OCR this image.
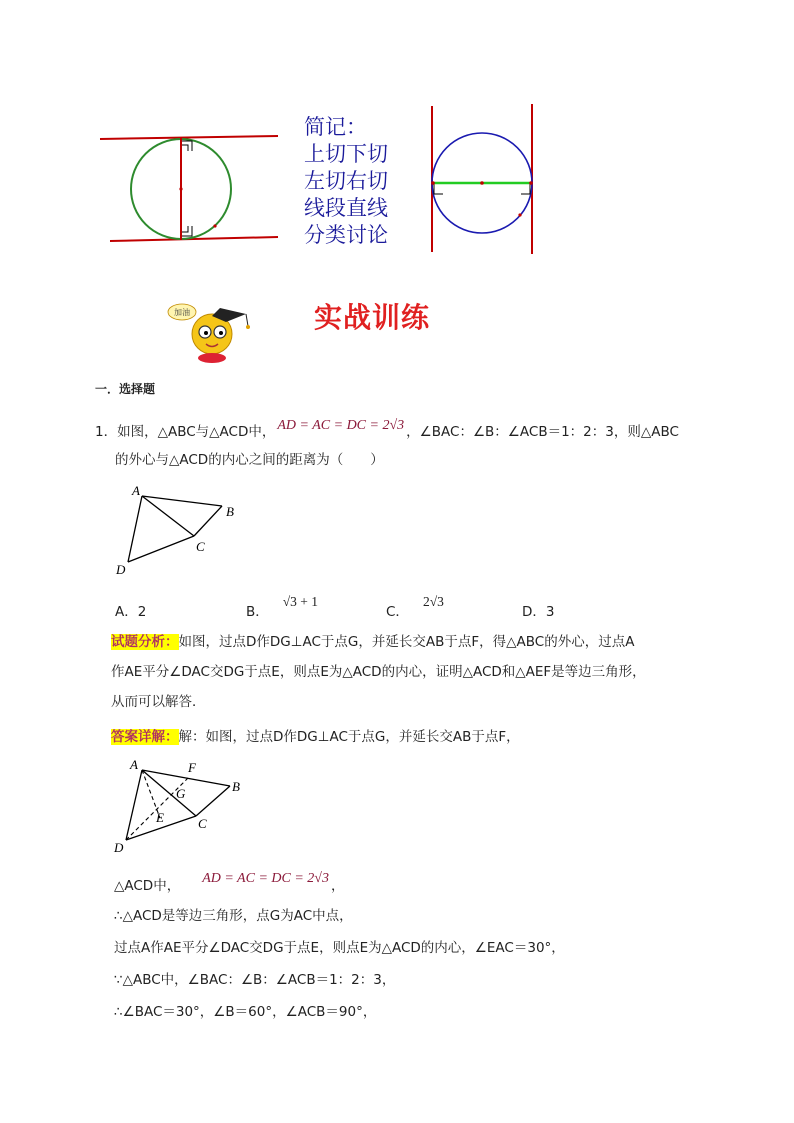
简记：
上切下切
左切右切
线段直线
分类讨论
加油	实战训练
一．选择题
1．如图，△ABC与△ACD中， AD = AC = DC = 2√3 ，∠BAC：∠B：∠ACB＝1：2：3，则△ABC
的外心与△ACD的内心之间的距离为（　　）
A
B
C
D
A．2	B．√3 + 1
C．2√3
D．3
试题分析：如图，过点D作DG⊥AC于点G，并延长交AB于点F，得△ABC的外心，过点A
作AE平分∠DAC交DG于点E，则点E为△ACD的内心，证明△ACD和△AEF是等边三角形，
从而可以解答．
答案详解：解：如图，过点D作DG⊥AC于点G，并延长交AB于点F，
A	F
G	B
E	C
D
△ACD中， AD = AC = DC = 2√3 ，
∴△ACD是等边三角形，点G为AC中点，
过点A作AE平分∠DAC交DG于点E，则点E为△ACD的内心，∠EAC＝30°，
∵△ABC中，∠BAC：∠B：∠ACB＝1：2：3，
∴∠BAC＝30°，∠B＝60°，∠ACB＝90°，
